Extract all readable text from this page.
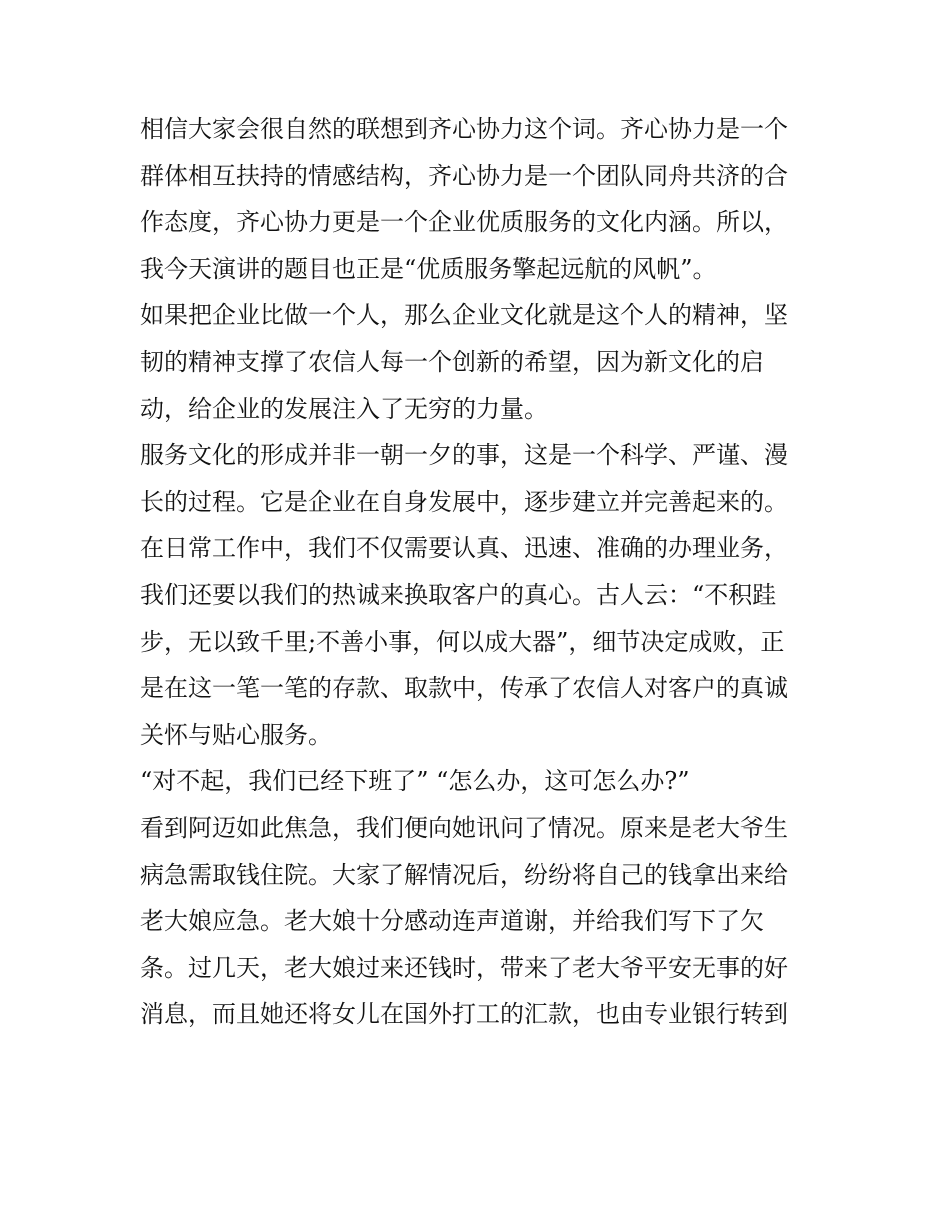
相信大家会很自然的联想到齐心协力这个词。齐心协力是一个
群体相互扶持的情感结构，齐心协力是一个团队同舟共济的合
作态度，齐心协力更是一个企业优质服务的文化内涵。所以，
我今天演讲的题目也正是“优质服务擎起远航的风帆”。
如果把企业比做一个人，那么企业文化就是这个人的精神，坚
韧的精神支撑了农信人每一个创新的希望，因为新文化的启
动，给企业的发展注入了无穷的力量。
服务文化的形成并非一朝一夕的事，这是一个科学、严谨、漫
长的过程。它是企业在自身发展中，逐步建立并完善起来的。
在日常工作中，我们不仅需要认真、迅速、准确的办理业务，
我们还要以我们的热诚来换取客户的真心。古人云：“不积跬
步，无以致千里;不善小事，何以成大器”，细节决定成败，正
是在这一笔一笔的存款、取款中，传承了农信人对客户的真诚
关怀与贴心服务。
“对不起，我们已经下班了” “怎么办，这可怎么办?”
看到阿迈如此焦急，我们便向她讯问了情况。原来是老大爷生
病急需取钱住院。大家了解情况后，纷纷将自己的钱拿出来给
老大娘应急。老大娘十分感动连声道谢，并给我们写下了欠
条。过几天，老大娘过来还钱时，带来了老大爷平安无事的好
消息，而且她还将女儿在国外打工的汇款，也由专业银行转到
